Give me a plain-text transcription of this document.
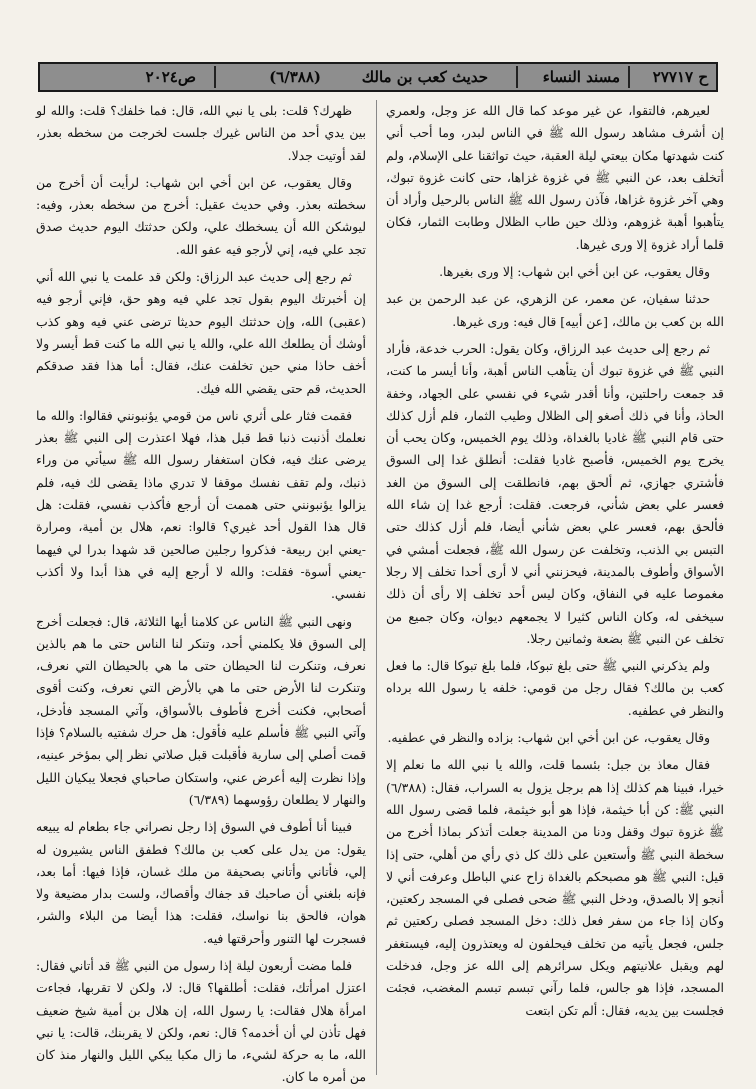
ح ٢٧٧١٧
مسند النساء
حديث كعب بن مالك
(٦/٣٨٨)
ص٢٠٢٤

لعيرهم، فالتقوا، عن غير موعد كما قال الله عز وجل، ولعمري إن أشرف مشاهد رسول الله ﷺ في الناس لبدر، وما أحب أني كنت شهدتها مكان بيعتي ليلة العقبة، حيث تواثقنا على الإسلام، ولم أتخلف بعد، عن النبي ﷺ في غزوة غزاها، حتى كانت غزوة تبوك، وهي آخر غزوة غزاها، فآذن رسول الله ﷺ الناس بالرحيل وأراد أن يتأهبوا أهبة غزوهم، وذلك حين طاب الظلال وطابت الثمار، فكان قلما أراد غزوة إلا ورى غيرها.

وقال يعقوب، عن ابن أخي ابن شهاب: إلا ورى بغيرها.

حدثنا سفيان، عن معمر، عن الزهري، عن عبد الرحمن بن عبد الله بن كعب بن مالك، [عن أبيه] قال فيه: ورى غيرها.

ثم رجع إلى حديث عبد الرزاق، وكان يقول: الحرب خدعة، فأراد النبي ﷺ في غزوة تبوك أن يتأهب الناس أهبة، وأنا أيسر ما كنت، قد جمعت راحلتين، وأنا أقدر شيء في نفسي على الجهاد، وخفة الحاذ، وأنا في ذلك أصغو إلى الظلال وطيب الثمار، فلم أزل كذلك حتى قام النبي ﷺ غاديا بالغداة، وذلك يوم الخميس، وكان يحب أن يخرج يوم الخميس، فأصبح غاديا فقلت: أنطلق غدا إلى السوق فأشتري جهازي، ثم ألحق بهم، فانطلقت إلى السوق من الغد فعسر علي بعض شأني، فرجعت. فقلت: أرجع غدا إن شاء الله فألحق بهم، فعسر علي بعض شأني أيضا، فلم أزل كذلك حتى التبس بي الذنب، وتخلفت عن رسول الله ﷺ، فجعلت أمشي في الأسواق وأطوف بالمدينة، فيحزنني أني لا أرى أحدا تخلف إلا رجلا مغموصا عليه في النفاق، وكان ليس أحد تخلف إلا رأى أن ذلك سيخفى له، وكان الناس كثيرا لا يجمعهم ديوان، وكان جميع من تخلف عن النبي ﷺ بضعة وثمانين رجلا.

ولم يذكرني النبي ﷺ حتى بلغ تبوكا، فلما بلغ تبوكا قال: ما فعل كعب بن مالك؟ فقال رجل من قومي: خلفه يا رسول الله برداه والنظر في عطفيه.

وقال يعقوب، عن ابن أخي ابن شهاب: بزاده والنظر في عطفيه.

فقال معاذ بن جبل: بئسما قلت، والله يا نبي الله ما نعلم إلا خيرا، فبينا هم كذلك إذا هم برجل يزول به السراب، فقال: (٦/٣٨٨) النبي ﷺ: كن أبا خيثمة، فإذا هو أبو خيثمة، فلما قضى رسول الله ﷺ غزوة تبوك وقفل ودنا من المدينة جعلت أتذكر بماذا أخرج من سخطة النبي ﷺ وأستعين على ذلك كل ذي رأي من أهلي، حتى إذا قيل: النبي ﷺ هو مصبحكم بالغداة زاح عني الباطل وعرفت أني لا أنجو إلا بالصدق، ودخل النبي ﷺ ضحى فصلى في المسجد ركعتين، وكان إذا جاء من سفر فعل ذلك: دخل المسجد فصلى ركعتين ثم جلس، فجعل يأتيه من تخلف فيحلفون له ويعتذرون إليه، فيستغفر لهم ويقبل علانيتهم ويكل سرائرهم إلى الله عز وجل، فدخلت المسجد، فإذا هو جالس، فلما رآني تبسم تبسم المغضب، فجئت فجلست بين يديه، فقال: ألم تكن ابتعت

ظهرك؟ قلت: بلى يا نبي الله، قال: فما خلفك؟ قلت: والله لو بين يدي أحد من الناس غيرك جلست لخرجت من سخطه بعذر، لقد أوتيت جدلا.

وقال يعقوب، عن ابن أخي ابن شهاب: لرأيت أن أخرج من سخطته بعذر. وفي حديث عقيل: أخرج من سخطه بعذر، وفيه: ليوشكن الله أن يسخطك علي، ولكن حدثتك اليوم حديث صدق تجد علي فيه، إني لأرجو فيه عفو الله.

ثم رجع إلى حديث عبد الرزاق: ولكن قد علمت يا نبي الله أني إن أخبرتك اليوم بقول تجد علي فيه وهو حق، فإني أرجو فيه (عقبى) الله، وإن حدثتك اليوم حديثا ترضى عني فيه وهو كذب أوشك أن يطلعك الله علي، والله يا نبي الله ما كنت قط أيسر ولا أخف حاذا مني حين تخلفت عنك، فقال: أما هذا فقد صدقكم الحديث، قم حتى يقضي الله فيك.

فقمت فثار على أثري ناس من قومي يؤنبونني فقالوا: والله ما نعلمك أذنبت ذنبا قط قبل هذا، فهلا اعتذرت إلى النبي ﷺ بعذر يرضى عنك فيه، فكان استغفار رسول الله ﷺ سيأتي من وراء ذنبك، ولم تقف نفسك موقفا لا تدري ماذا يقضى لك فيه، فلم يزالوا يؤنبونني حتى هممت أن أرجع فأكذب نفسي، فقلت: هل قال هذا القول أحد غيري؟ قالوا: نعم، هلال بن أمية، ومرارة -يعني ابن ربيعة- فذكروا رجلين صالحين قد شهدا بدرا لي فيهما -يعني أسوة- فقلت: والله لا أرجع إليه في هذا أبدا ولا أكذب نفسي.

ونهى النبي ﷺ الناس عن كلامنا أيها الثلاثة، قال: فجعلت أخرج إلى السوق فلا يكلمني أحد، وتنكر لنا الناس حتى ما هم بالذين نعرف، وتنكرت لنا الحيطان حتى ما هي بالحيطان التي نعرف، وتنكرت لنا الأرض حتى ما هي بالأرض التي نعرف، وكنت أقوى أصحابي، فكنت أخرج فأطوف بالأسواق، وآتي المسجد فأدخل، وآتي النبي ﷺ فأسلم عليه فأقول: هل حرك شفتيه بالسلام؟ فإذا قمت أصلي إلى سارية فأقبلت قبل صلاتي نظر إلي بمؤخر عينيه، وإذا نظرت إليه أعرض عني، واستكان صاحباي فجعلا يبكيان الليل والنهار لا يطلعان رؤوسهما (٦/٣٨٩)

فبينا أنا أطوف في السوق إذا رجل نصراني جاء بطعام له يبيعه يقول: من يدل على كعب بن مالك؟ فطفق الناس يشيرون له إلي، فأتاني وأتاني بصحيفة من ملك غسان، فإذا فيها: أما بعد، فإنه بلغني أن صاحبك قد جفاك وأقصاك، ولست بدار مضيعة ولا هوان، فالحق بنا نواسك، فقلت: هذا أيضا من البلاء والشر، فسجرت لها التنور وأحرقتها فيه.

فلما مضت أربعون ليلة إذا رسول من النبي ﷺ قد أتاني فقال: اعتزل امرأتك، فقلت: أطلقها؟ قال: لا، ولكن لا تقربها، فجاءت امرأة هلال فقالت: يا رسول الله، إن هلال بن أمية شيخ ضعيف فهل تأذن لي أن أخدمه؟ قال: نعم، ولكن لا يقربنك، قالت: يا نبي الله، ما به حركة لشيء، ما زال مكبا يبكي الليل والنهار منذ كان من أمره ما كان.
